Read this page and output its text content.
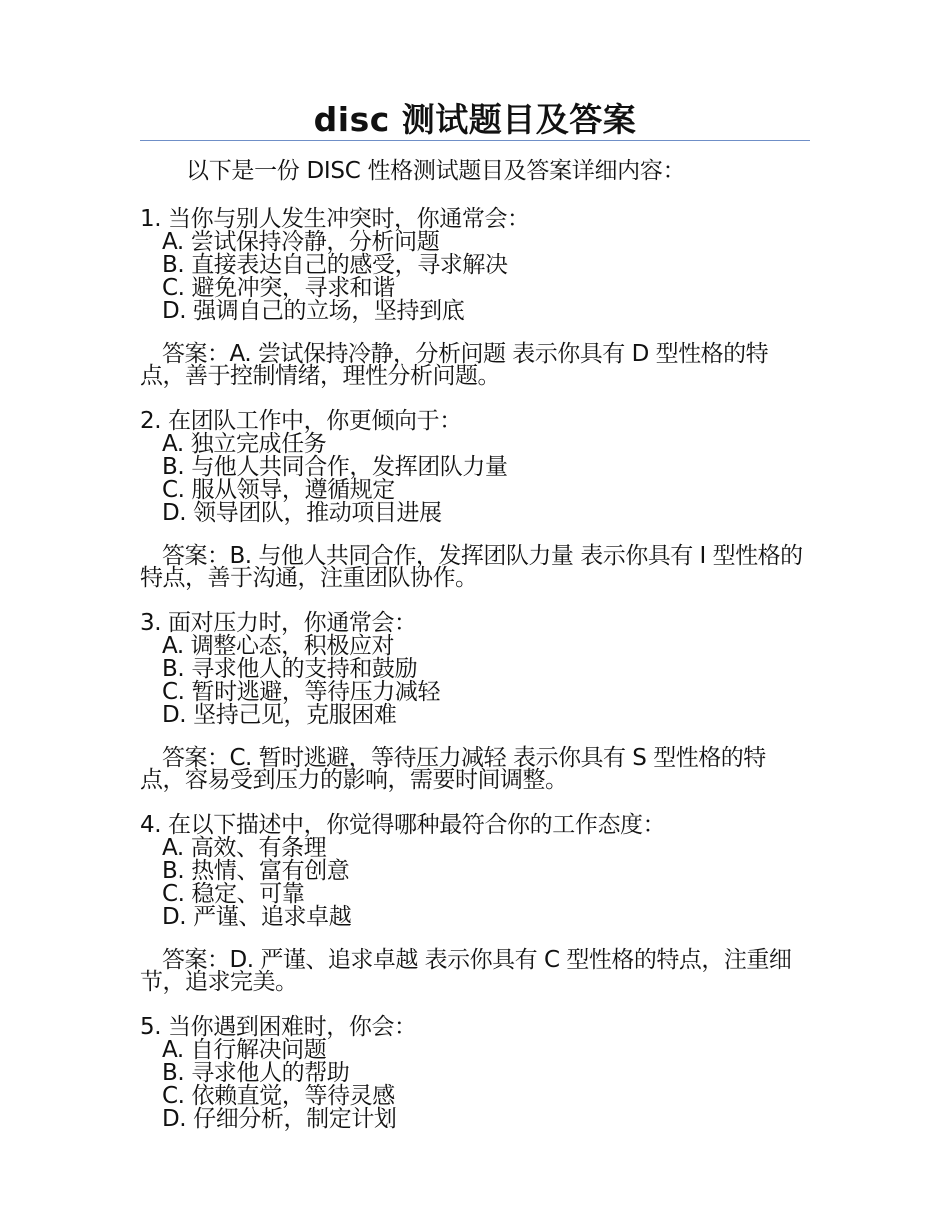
disc 测试题目及答案

以下是一份 DISC 性格测试题目及答案详细内容：

1. 当你与别人发生冲突时，你通常会：

A. 尝试保持冷静，分析问题
B. 直接表达自己的感受，寻求解决
C. 避免冲突，寻求和谐
D. 强调自己的立场，坚持到底

答案：A. 尝试保持冷静，分析问题 表示你具有 D 型性格的特点，善于控制情绪，理性分析问题。

2. 在团队工作中，你更倾向于：

A. 独立完成任务
B. 与他人共同合作，发挥团队力量
C. 服从领导，遵循规定
D. 领导团队，推动项目进展

答案：B. 与他人共同合作，发挥团队力量 表示你具有 I 型性格的特点，善于沟通，注重团队协作。

3. 面对压力时，你通常会：

A. 调整心态，积极应对
B. 寻求他人的支持和鼓励
C. 暂时逃避，等待压力减轻
D. 坚持己见，克服困难

答案：C. 暂时逃避，等待压力减轻 表示你具有 S 型性格的特点，容易受到压力的影响，需要时间调整。

4. 在以下描述中，你觉得哪种最符合你的工作态度：

A. 高效、有条理
B. 热情、富有创意
C. 稳定、可靠
D. 严谨、追求卓越

答案：D. 严谨、追求卓越 表示你具有 C 型性格的特点，注重细节，追求完美。

5. 当你遇到困难时，你会：

A. 自行解决问题
B. 寻求他人的帮助
C. 依赖直觉，等待灵感
D. 仔细分析，制定计划
